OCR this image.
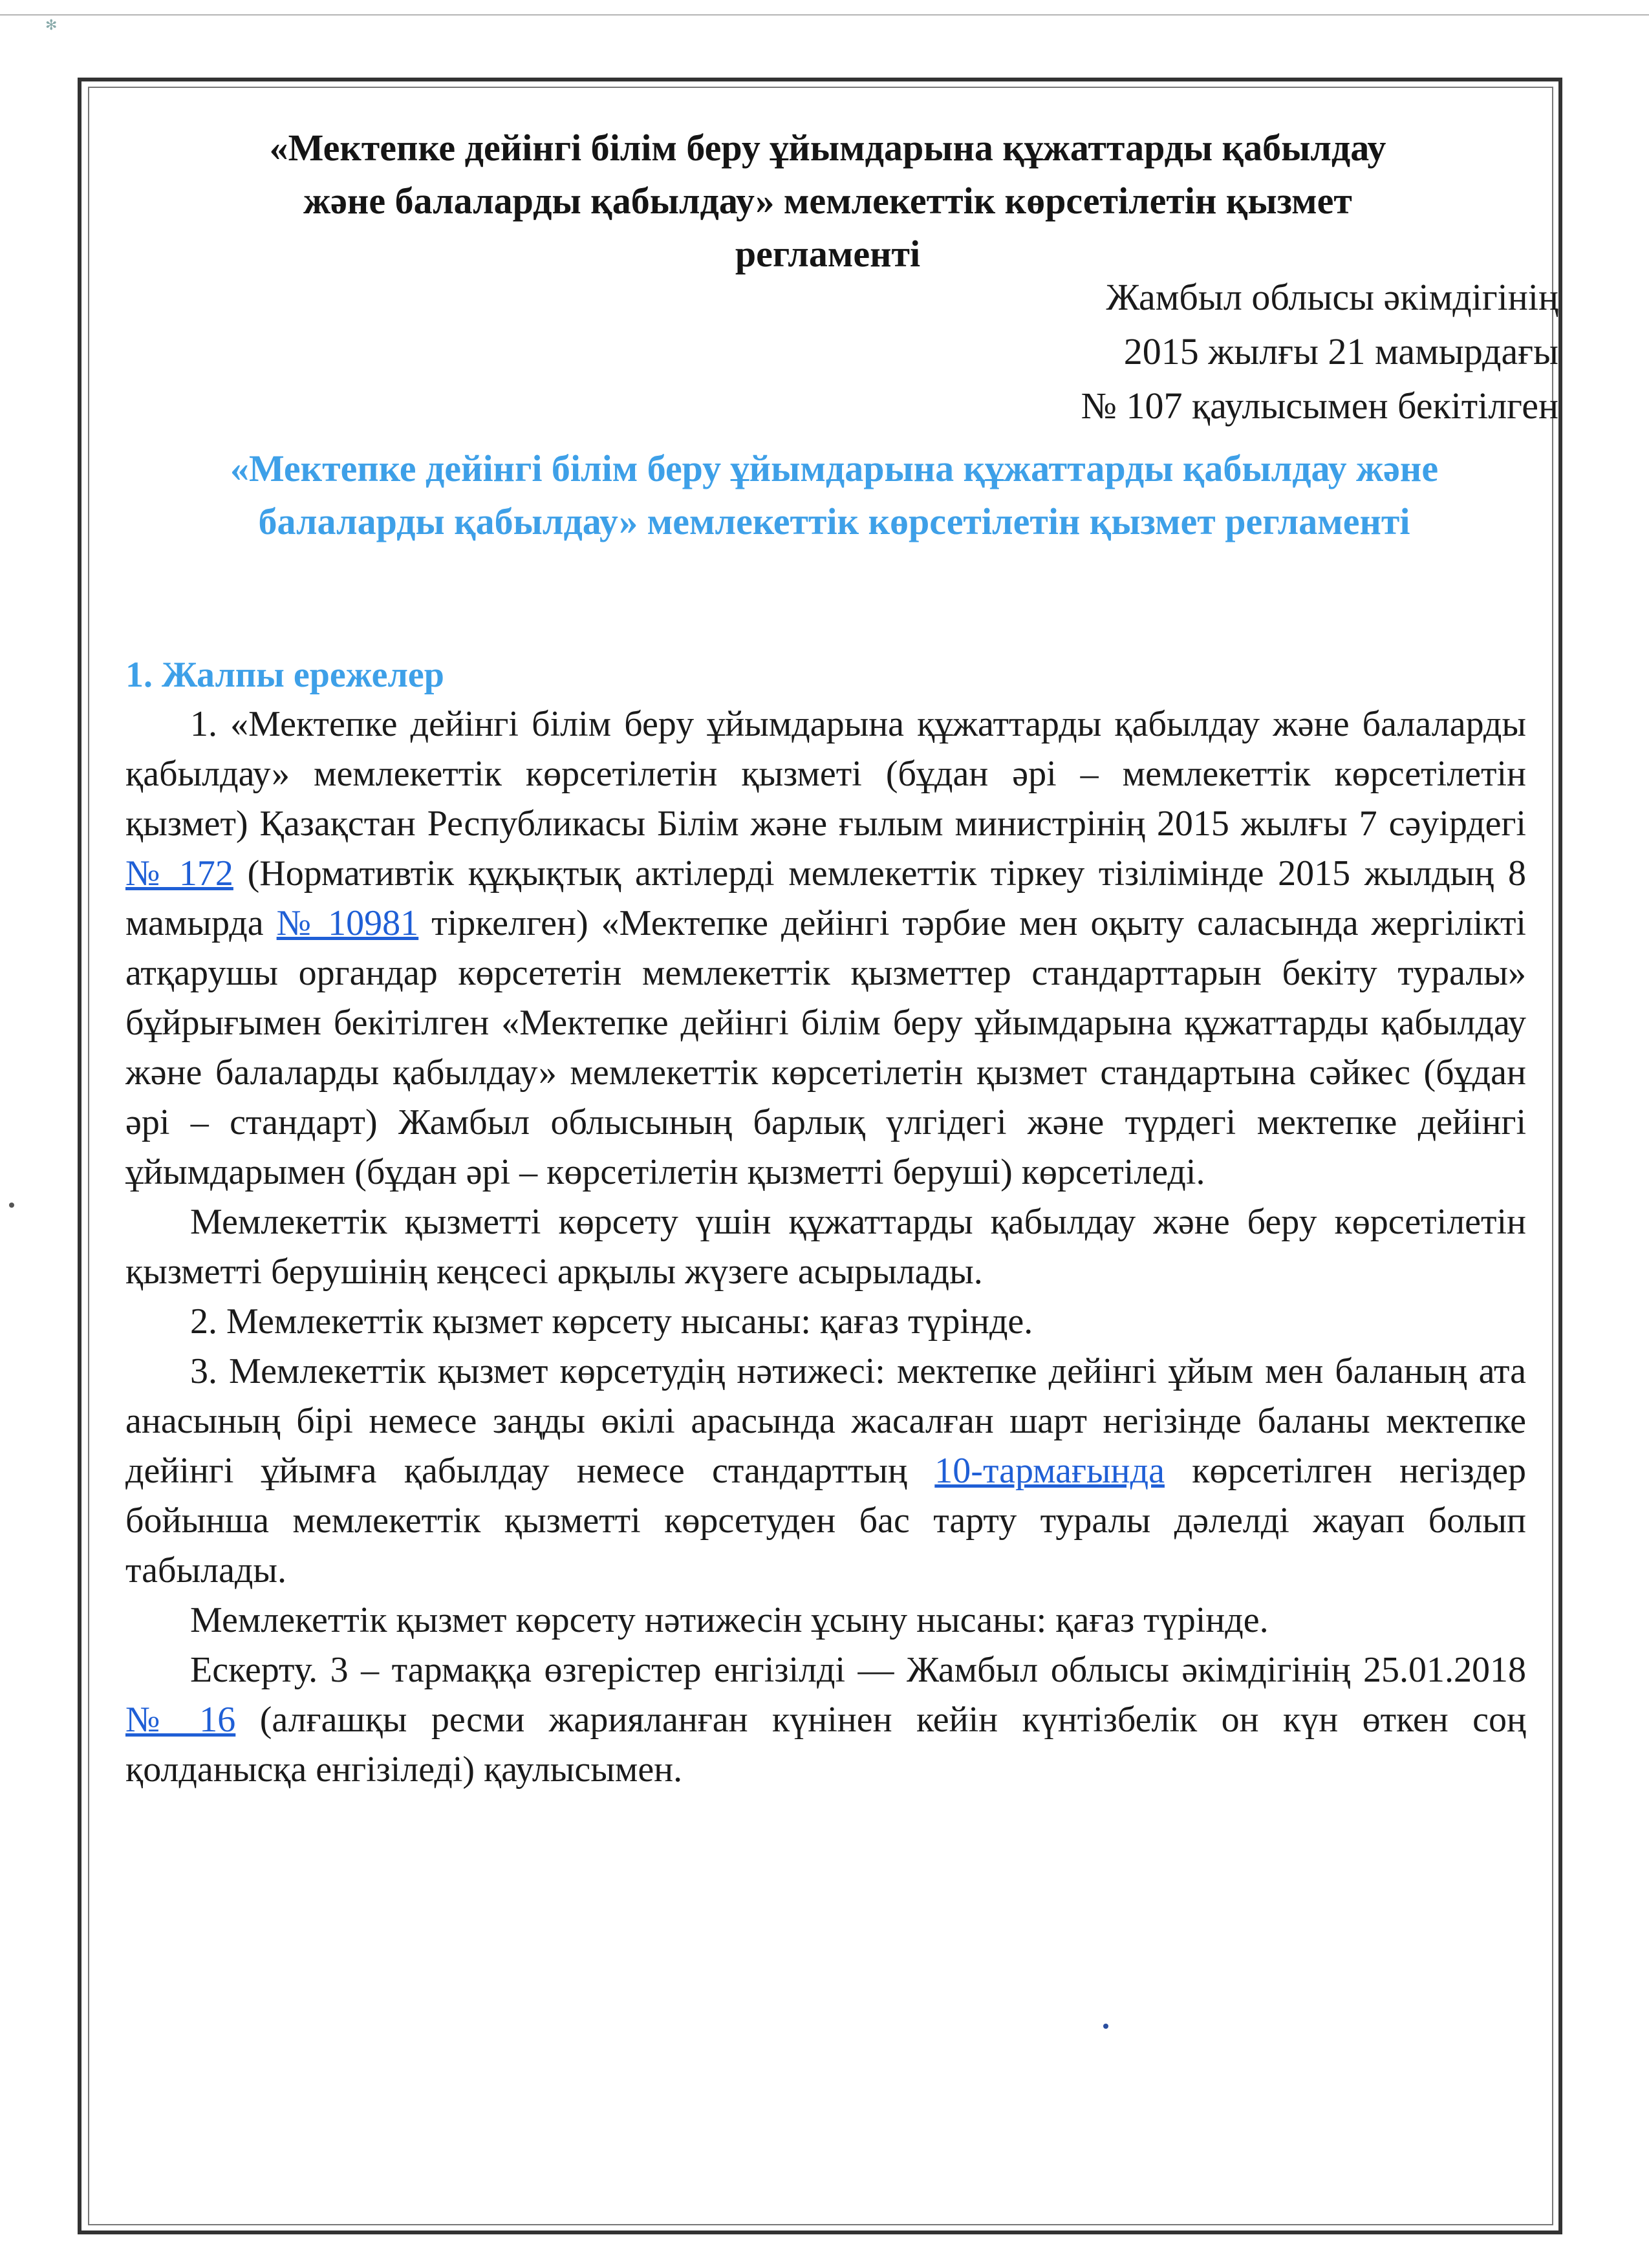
✻
«Мектепке дейінгі білім беру ұйымдарына құжаттарды қабылдау
және балаларды қабылдау» мемлекеттік көрсетілетін қызмет
регламенті
Жамбыл облысы әкімдігінің
2015 жылғы 21 мамырдағы
№ 107 қаулысымен бекітілген
«Мектепке дейінгі білім беру ұйымдарына құжаттарды қабылдау және
балаларды қабылдау» мемлекеттік көрсетілетін қызмет регламенті
1. Жалпы ережелер

1. «Мектепке дейінгі білім беру ұйымдарына құжаттарды қабылдау және балаларды қабылдау» мемлекеттік көрсетілетін қызметі (бұдан әрі – мемлекеттік көрсетілетін қызмет) Қазақстан Республикасы Білім және ғылым министрінің 2015 жылғы 7 сәуірдегі № 172 (Нормативтік құқықтық актілерді мемлекеттік тіркеу тізілімінде 2015 жылдың 8 мамырда № 10981 тіркелген) «Мектепке дейінгі тәрбие мен оқыту саласында жергілікті атқарушы органдар көрсететін мемлекеттік қызметтер стандарттарын бекіту туралы» бұйрығымен бекітілген «Мектепке дейінгі білім беру ұйымдарына құжаттарды қабылдау және балаларды қабылдау» мемлекеттік көрсетілетін қызмет стандартына сәйкес (бұдан әрі – стандарт) Жамбыл облысының барлық үлгідегі және түрдегі мектепке дейінгі ұйымдарымен (бұдан әрі – көрсетілетін қызметті беруші) көрсетіледі.

Мемлекеттік қызметті көрсету үшін құжаттарды қабылдау және беру көрсетілетін қызметті берушінің кеңсесі арқылы жүзеге асырылады.

2. Мемлекеттік қызмет көрсету нысаны: қағаз түрінде.

3. Мемлекеттік қызмет көрсетудің нәтижесі: мектепке дейінгі ұйым мен баланың ата анасының бірі немесе заңды өкілі арасында жасалған шарт негізінде баланы мектепке дейінгі ұйымға қабылдау немесе стандарттың 10-тармағында көрсетілген негіздер бойынша мемлекеттік қызметті көрсетуден бас тарту туралы дәлелді жауап болып табылады.

Мемлекеттік қызмет көрсету нәтижесін ұсыну нысаны: қағаз түрінде.

Ескерту. 3 – тармаққа өзгерістер енгізілді — Жамбыл облысы әкімдігінің 25.01.2018 № 16 (алғашқы ресми жарияланған күнінен кейін күнтізбелік он күн өткен соң қолданысқа енгізіледі) қаулысымен.
